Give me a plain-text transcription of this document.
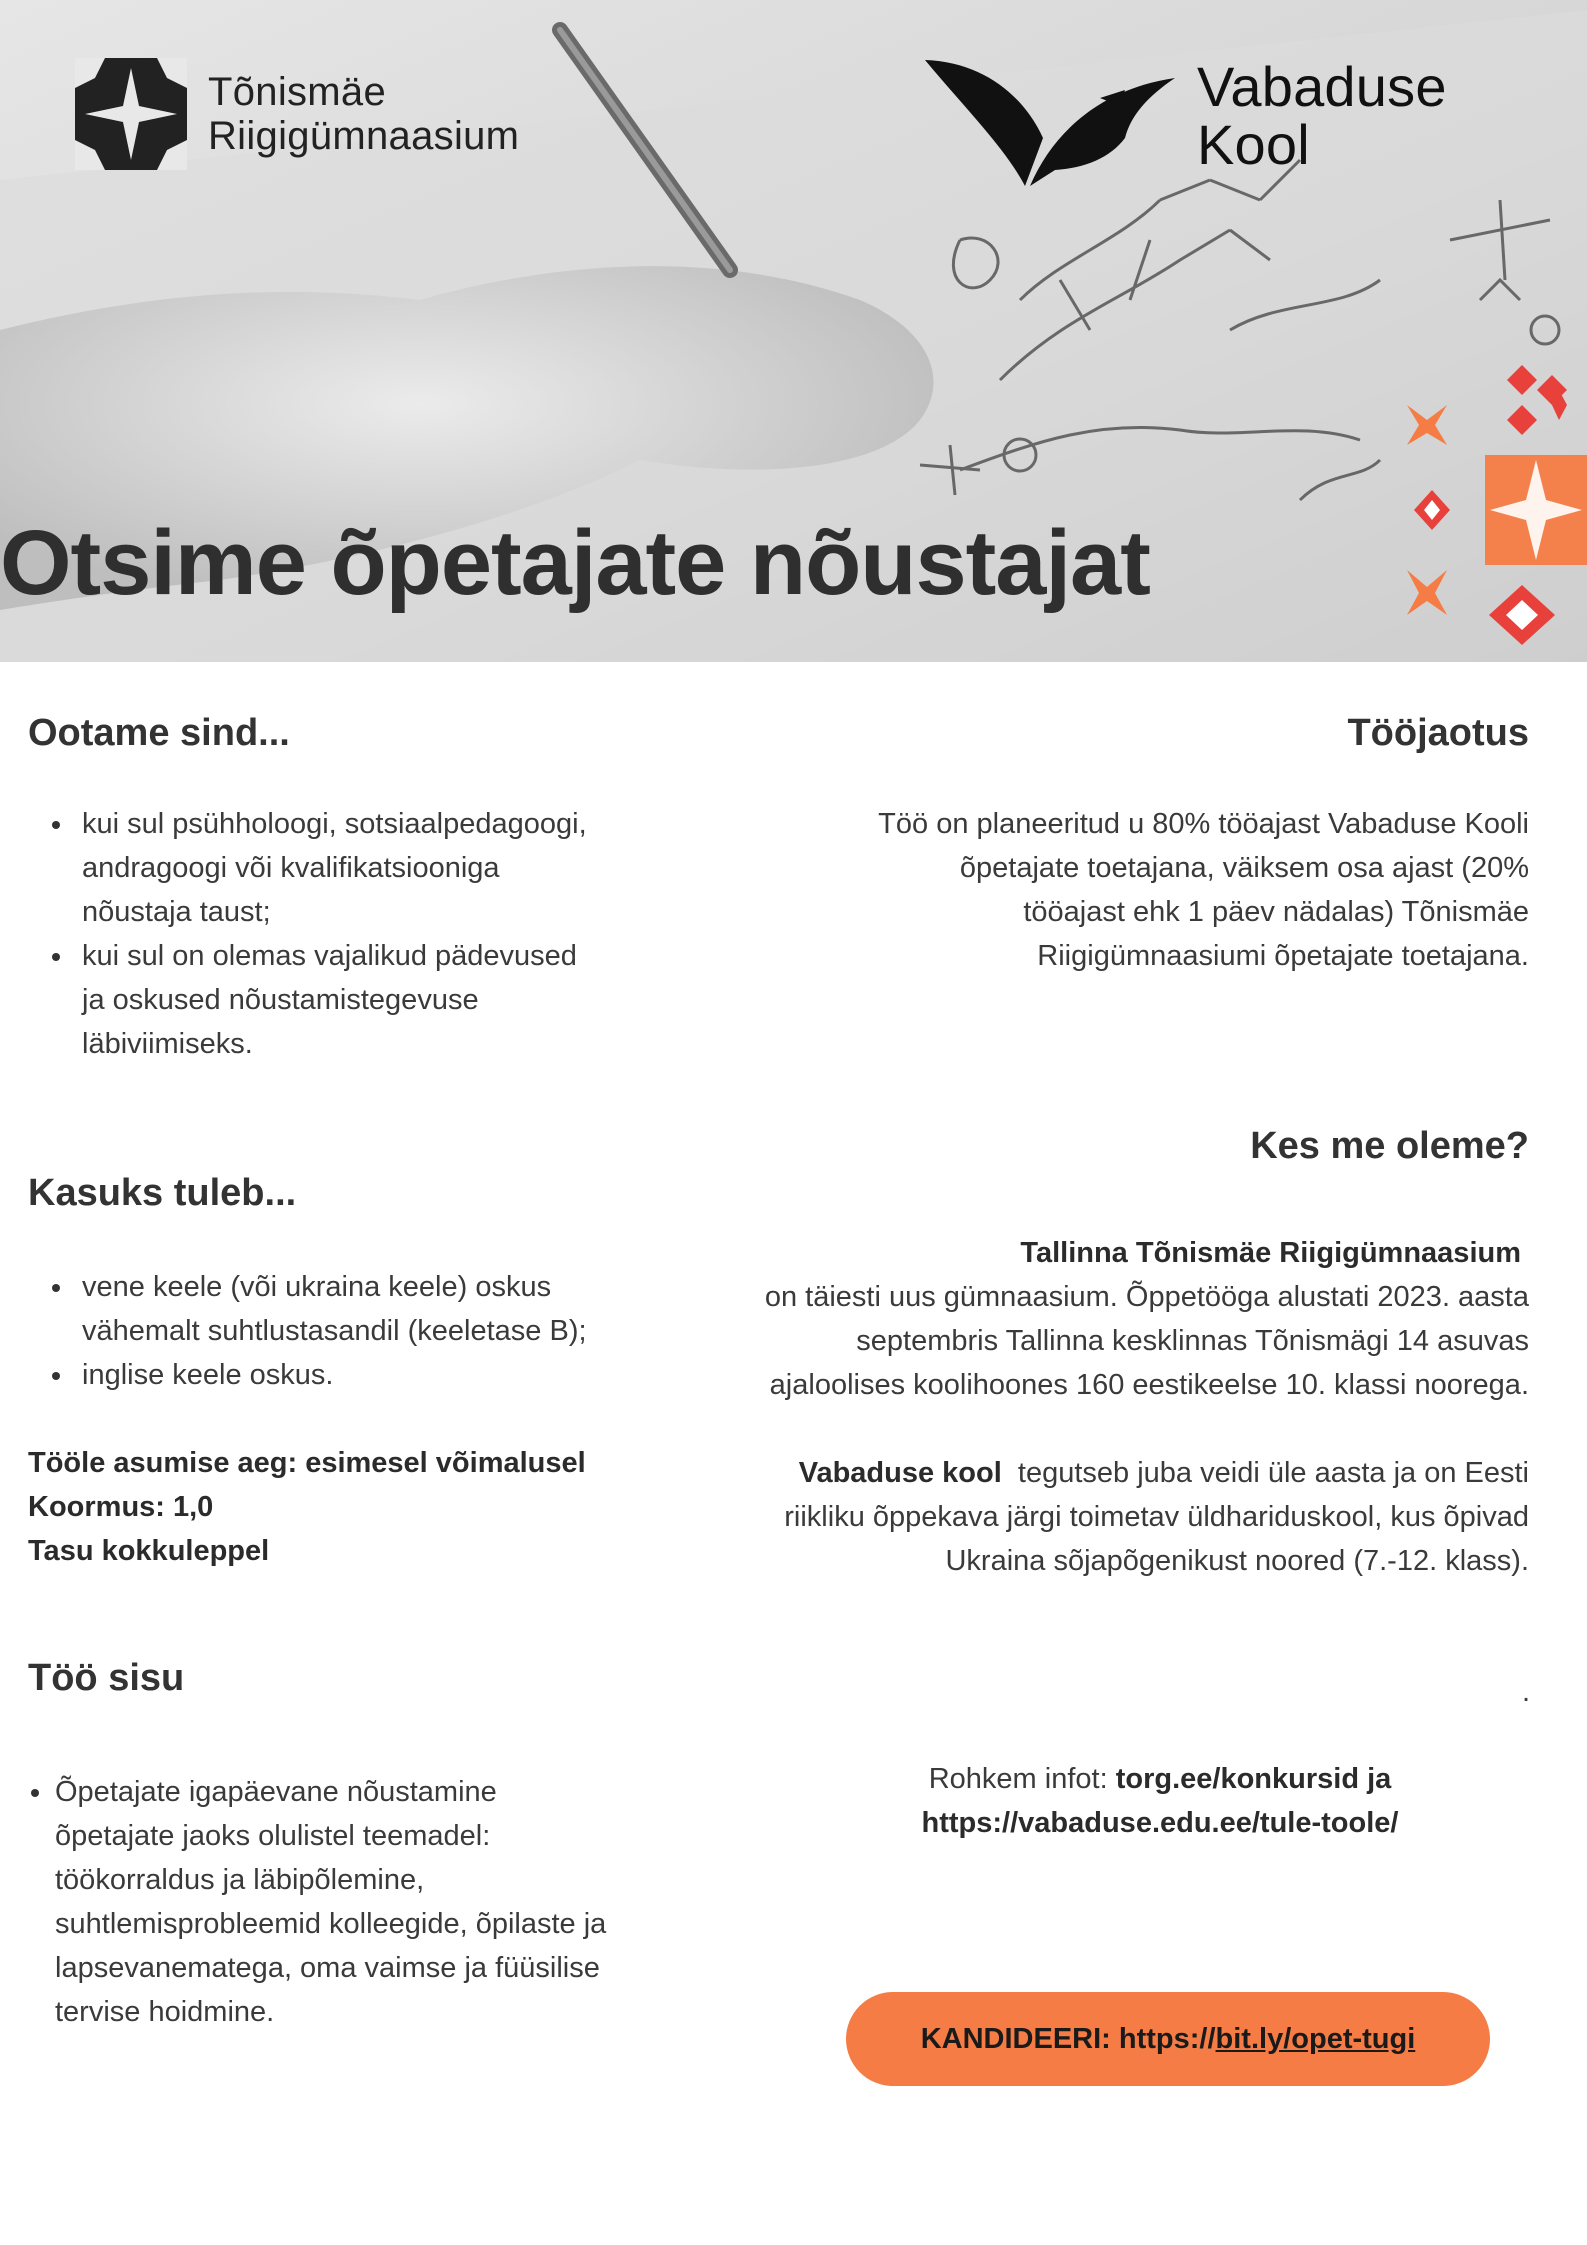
Tõnismäe
Riigigümnaasium
Vabaduse
Kool
Otsime õpetajate nõustajat
Ootame sind...
kui sul psühholoogi, sotsiaalpedagoogi,
andragoogi või kvalifikatsiooniga
nõustaja taust;
kui sul on olemas vajalikud pädevused
ja oskused nõustamistegevuse
läbiviimiseks.
Tööjaotus
Töö on planeeritud u 80% tööajast Vabaduse Kooli
õpetajate toetajana, väiksem osa ajast (20%
tööajast ehk 1 päev nädalas) Tõnismäe
Riigigümnaasiumi õpetajate toetajana.
Kes me oleme?
Tallinna Tõnismäe Riigigümnaasium
on täiesti uus gümnaasium. Õppetööga alustati 2023. aasta
septembris Tallinna kesklinnas Tõnismägi 14 asuvas
ajaloolises koolihoones 160 eestikeelse 10. klassi noorega.
Vabaduse kool tegutseb juba veidi üle aasta ja on Eesti
riikliku õppekava järgi toimetav üldhariduskool, kus õpivad
Ukraina sõjapõgenikust noored (7.-12. klass).
Kasuks tuleb...
vene keele (või ukraina keele) oskus
vähemalt suhtlustasandil (keeletase B);
inglise keele oskus.
Tööle asumise aeg: esimesel võimalusel
Koormus: 1,0
Tasu kokkuleppel
Töö sisu
Õpetajate igapäevane nõustamine
õpetajate jaoks olulistel teemadel:
töökorraldus ja läbipõlemine,
suhtlemisprobleemid kolleegide, õpilaste ja
lapsevanematega, oma vaimse ja füüsilise
tervise hoidmine.
.
Rohkem infot: torg.ee/konkursid ja
https://vabaduse.edu.ee/tule-toole/
KANDIDEERI: https://bit.ly/opet-tugi
